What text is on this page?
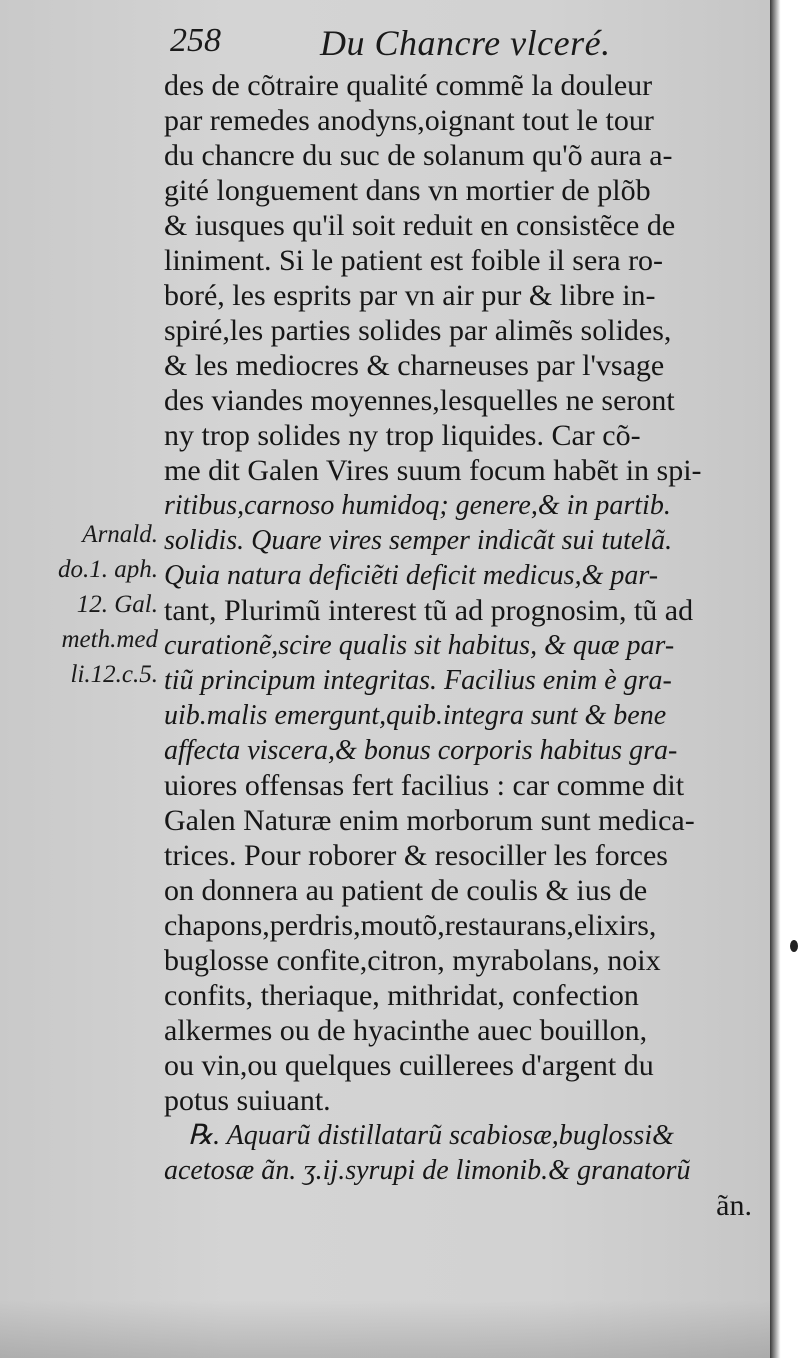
258	Du Chancre vlceré.
Arnald.
do.1. aph.
12. Gal.
meth.med
li.12.c.5.
des de cõtraire qualité commẽ la douleur
par remedes anodyns,oignant tout le tour
du chancre du suc de solanum qu'õ aura a-
gité longuement dans vn mortier de plõb
& iusques qu'il soit reduit en consistẽce de
liniment. Si le patient est foible il sera ro-
boré, les esprits par vn air pur & libre in-
spiré,les parties solides par alimẽs solides,
& les mediocres & charneuses par l'vsage
des viandes moyennes,lesquelles ne seront
ny trop solides ny trop liquides. Car cõ-
me dit Galen Vires suum focum habẽt in spi-
ritibus,carnoso humidoq; genere,& in partib.
solidis. Quare vires semper indicãt sui tutelã.
Quia natura deficiẽti deficit medicus,& par-
tant, Plurimũ interest tũ ad prognosim, tũ ad
curationẽ,scire qualis sit habitus, & quæ par-
tiũ principum integritas. Facilius enim è gra-
uib.malis emergunt,quib.integra sunt & bene
affecta viscera,& bonus corporis habitus gra-
uiores offensas fert facilius : car comme dit
Galen Naturæ enim morborum sunt medica-
trices. Pour roborer & resociller les forces
on donnera au patient de coulis & ius de
chapons,perdris,moutõ,restaurans,elixirs,
buglosse confite,citron, myrabolans, noix
confits, theriaque, mithridat, confection
alkermes ou de hyacinthe auec bouillon,
ou vin,ou quelques cuillerees d'argent du
potus suiuant.
℞. Aquarũ distillatarũ scabiosæ,buglossi&
acetosæ ãn. ʒ.ij.syrupi de limonib.& granatorũ
ãn.
